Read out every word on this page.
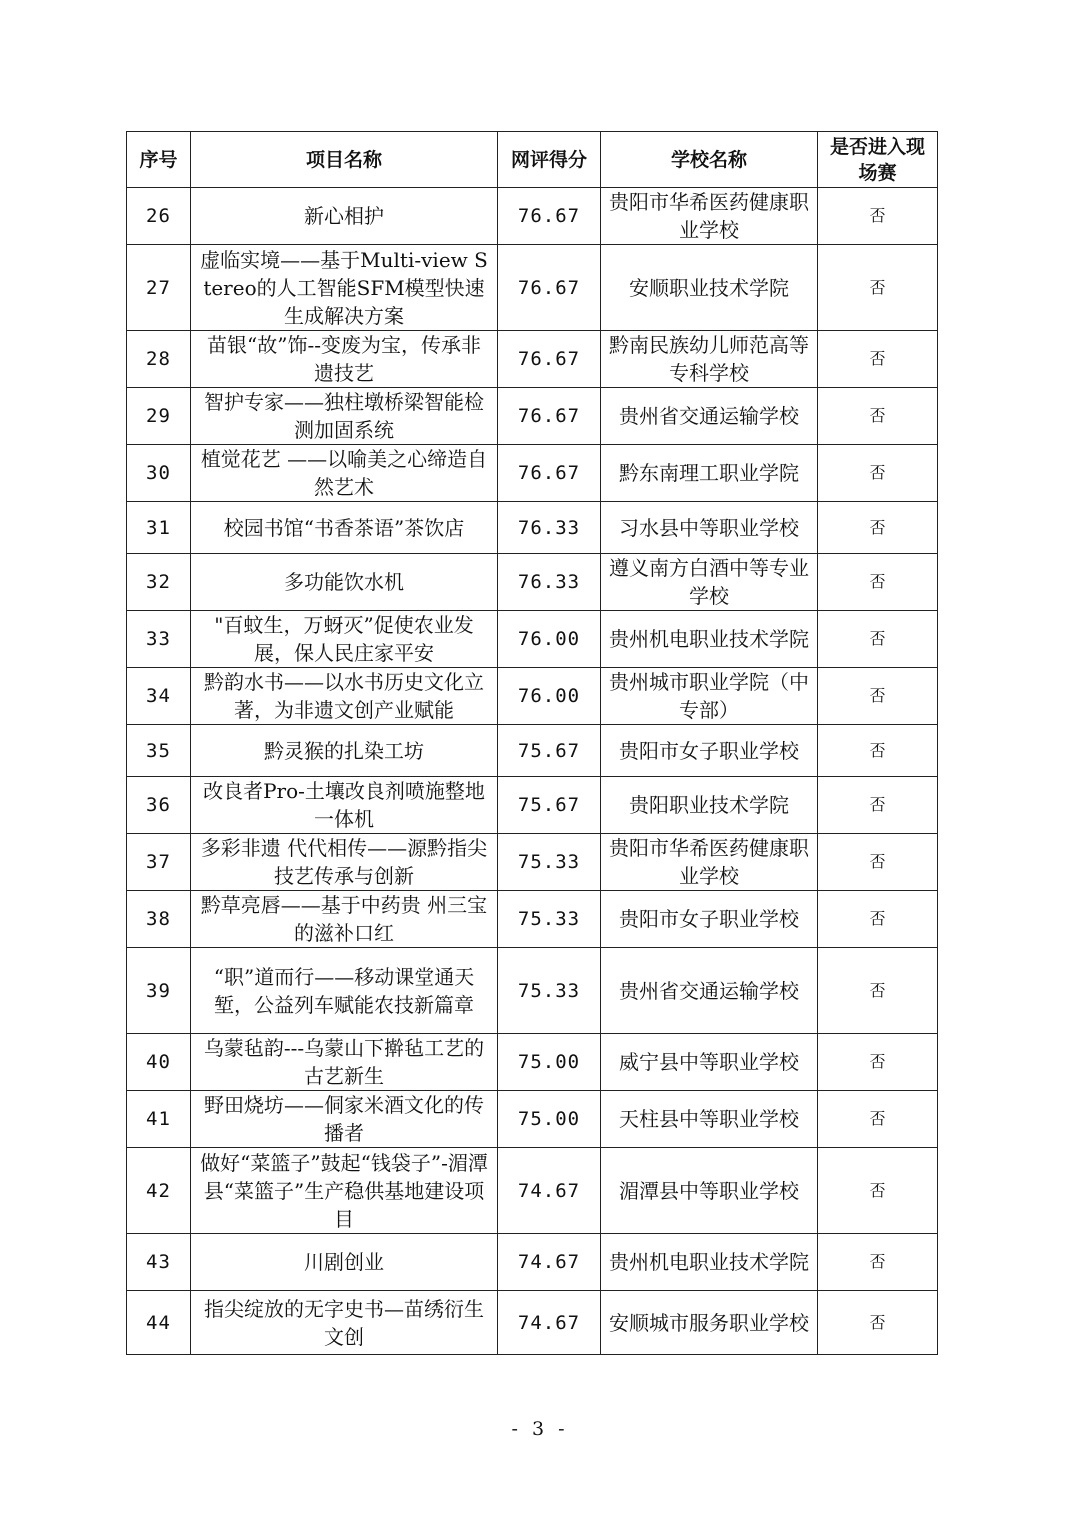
序号	项目名称	网评得分	学校名称	是否进入现场赛
26	新心相护	76.67	贵阳市华希医药健康职业学校	否
27	虚临实境——基于Multi-view Stereo的人工智能SFM模型快速生成解决方案	76.67	安顺职业技术学院	否
28	苗银“故”饰--变废为宝，传承非遗技艺	76.67	黔南民族幼儿师范高等专科学校	否
29	智护专家——独柱墩桥梁智能检测加固系统	76.67	贵州省交通运输学校	否
30	植觉花艺 ——以喻美之心缔造自然艺术	76.67	黔东南理工职业学院	否
31	校园书馆“书香茶语”茶饮店	76.33	习水县中等职业学校	否
32	多功能饮水机	76.33	遵义南方白酒中等专业学校	否
33	"百蚊生，万蚜灭”促使农业发展，保人民庄家平安	76.00	贵州机电职业技术学院	否
34	黔韵水书——以水书历史文化立著，为非遗文创产业赋能	76.00	贵州城市职业学院（中专部）	否
35	黔灵猴的扎染工坊	75.67	贵阳市女子职业学校	否
36	改良者Pro-土壤改良剂喷施整地一体机	75.67	贵阳职业技术学院	否
37	多彩非遗 代代相传——源黔指尖技艺传承与创新	75.33	贵阳市华希医药健康职业学校	否
38	黔草亮唇——基于中药贵 州三宝的滋补口红	75.33	贵阳市女子职业学校	否
39	“职”道而行——移动课堂通天堑，公益列车赋能农技新篇章	75.33	贵州省交通运输学校	否
40	乌蒙毡韵---乌蒙山下擀毡工艺的古艺新生	75.00	威宁县中等职业学校	否
41	野田烧坊——侗家米酒文化的传播者	75.00	天柱县中等职业学校	否
42	做好“菜篮子”鼓起“钱袋子”-湄潭县“菜篮子”生产稳供基地建设项目	74.67	湄潭县中等职业学校	否
43	川剧创业	74.67	贵州机电职业技术学院	否
44	指尖绽放的无字史书—苗绣衍生文创	74.67	安顺城市服务职业学校	否
- 3 -
